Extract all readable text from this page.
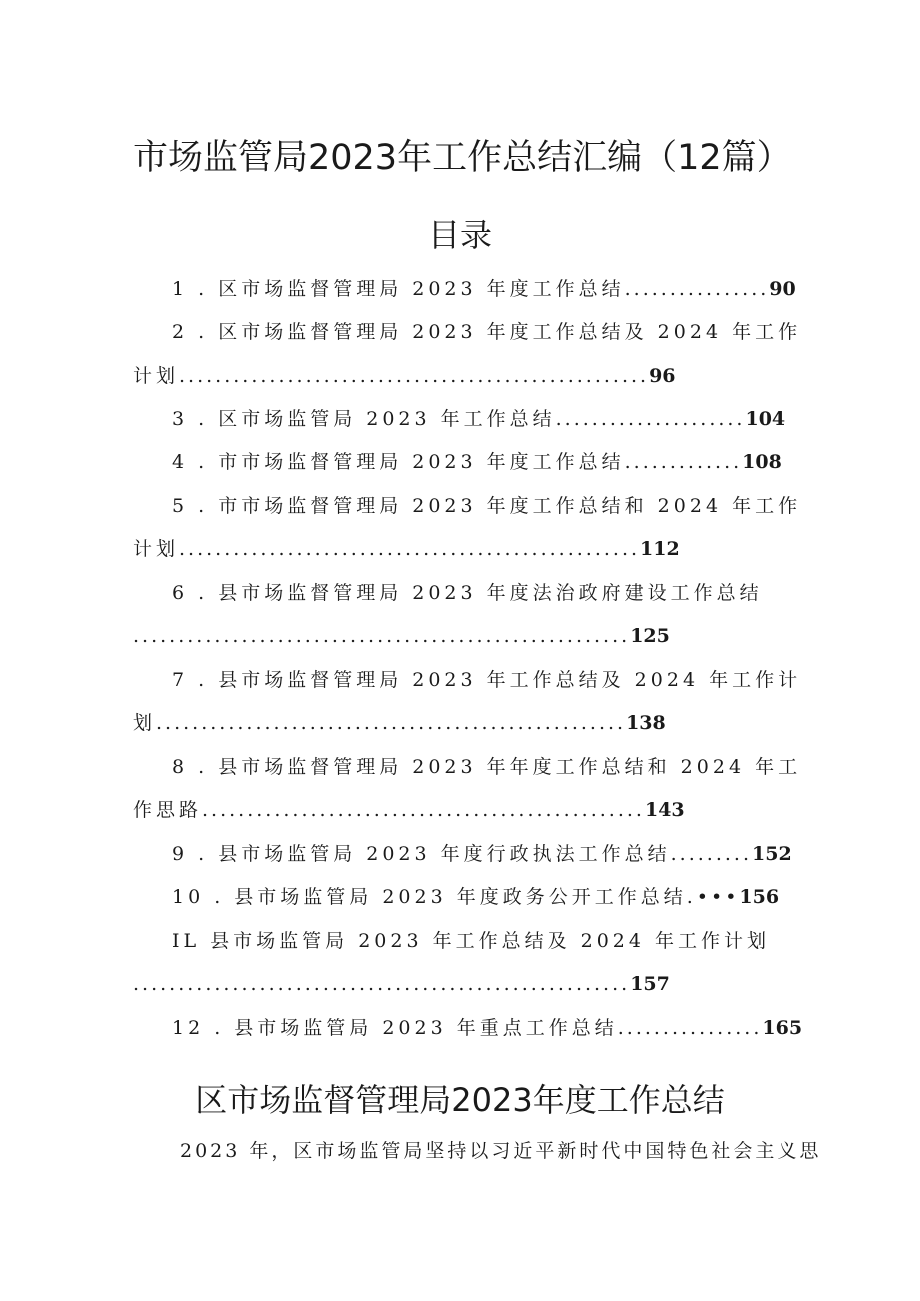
市场监管局2023年工作总结汇编（12篇）
目录
1 . 区市场监督管理局 2023 年度工作总结................90
2 . 区市场监督管理局 2023 年度工作总结及 2024 年工作
计划....................................................96
3 . 区市场监管局 2023 年工作总结.....................104
4 . 市市场监督管理局 2023 年度工作总结.............108
5 . 市市场监督管理局 2023 年度工作总结和 2024 年工作
计划...................................................112
6 . 县市场监督管理局 2023 年度法治政府建设工作总结
.......................................................125
7 . 县市场监督管理局 2023 年工作总结及 2024 年工作计
划....................................................138
8 . 县市场监督管理局 2023 年年度工作总结和 2024 年工
作思路.................................................143
9 . 县市场监管局 2023 年度行政执法工作总结.........152
10 . 县市场监管局 2023 年度政务公开工作总结.•••156
IL 县市场监管局 2023 年工作总结及 2024 年工作计划
.......................................................157
12 . 县市场监管局 2023 年重点工作总结................165
区市场监督管理局2023年度工作总结
2023 年，区市场监管局坚持以习近平新时代中国特色社会主义思
